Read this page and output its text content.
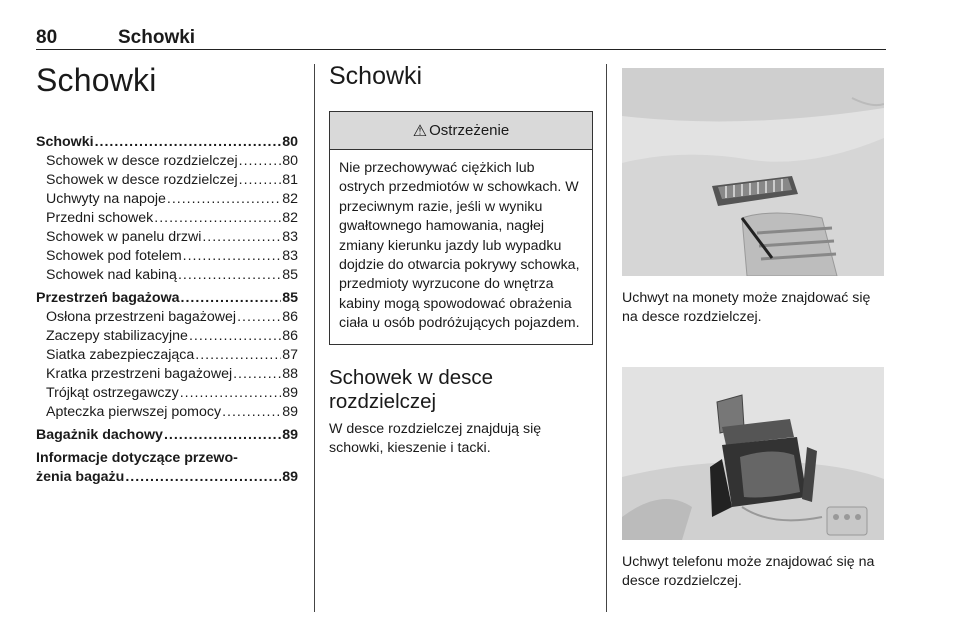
80	Schowki
Schowki
Schowki .....	80
Schowek w desce rozdzielczej .....	80
Schowek w desce rozdzielczej .....	81
Uchwyty na napoje .....	82
Przedni schowek .....	82
Schowek w panelu drzwi .....	83
Schowek pod fotelem .....	83
Schowek nad kabiną .....	85
Przestrzeń bagażowa .....	85
Osłona przestrzeni bagażowej .....	86
Zaczepy stabilizacyjne .....	86
Siatka zabezpieczająca .....	87
Kratka przestrzeni bagażowej .....	88
Trójkąt ostrzegawczy .....	89
Apteczka pierwszej pomocy .....	89
Bagażnik dachowy .....	89
Informacje dotyczące przewo-
żenia bagażu .....	89
Schowki
⚠ Ostrzeżenie
Nie przechowywać ciężkich lub ostrych przedmiotów w schowkach. W przeciwnym razie, jeśli w wyniku gwałtownego hamowania, nagłej zmiany kierunku jazdy lub wypadku dojdzie do otwarcia pokrywy schowka, przedmioty wyrzucone do wnętrza kabiny mogą spowodować obrażenia ciała u osób podróżujących pojazdem.
Schowek w desce rozdzielczej

W desce rozdzielczej znajdują się schowki, kieszenie i tacki.

Uchwyt na monety może znajdować się na desce rozdzielczej.

Uchwyt telefonu może znajdować się na desce rozdzielczej.
